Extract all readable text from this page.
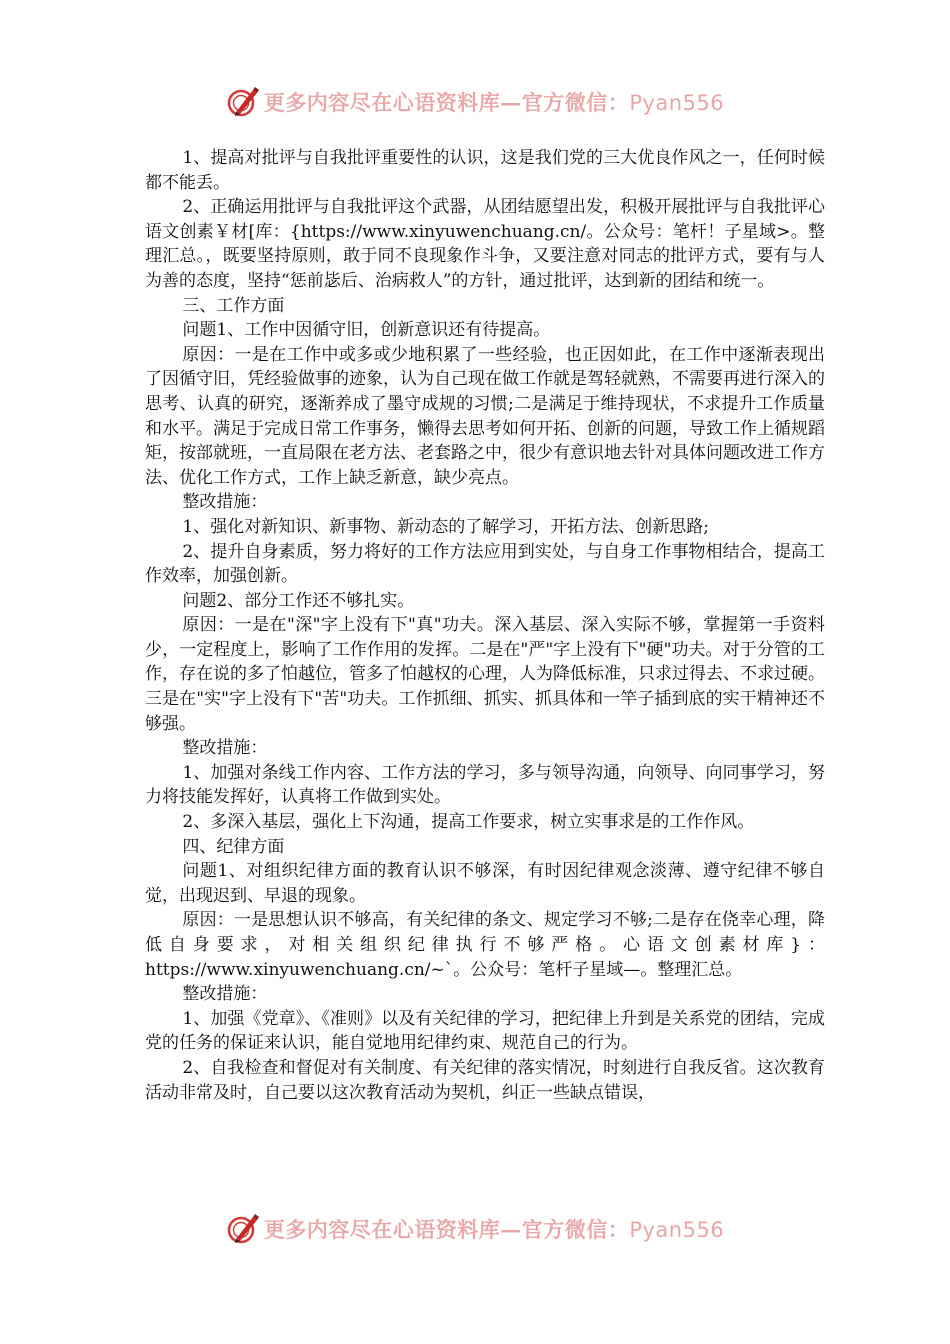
更多内容尽在心语资料库—官方微信：Pyan556

1、提高对批评与自我批评重要性的认识，这是我们党的三大优良作风之一，任何时候都不能丢。

2、正确运用批评与自我批评这个武器，从团结愿望出发，积极开展批评与自我批评心语文创素￥材[库：{https://www.xinyuwenchuang.cn/。公众号：笔杆！子星域>。整理汇总。，既要坚持原则，敢于同不良现象作斗争，又要注意对同志的批评方式，要有与人为善的态度，坚持“惩前毖后、治病救人”的方针，通过批评，达到新的团结和统一。

三、工作方面

问题1、工作中因循守旧，创新意识还有待提高。

原因：一是在工作中或多或少地积累了一些经验，也正因如此，在工作中逐渐表现出了因循守旧，凭经验做事的迹象，认为自己现在做工作就是驾轻就熟，不需要再进行深入的思考、认真的研究，逐渐养成了墨守成规的习惯;二是满足于维持现状，不求提升工作质量和水平。满足于完成日常工作事务，懒得去思考如何开拓、创新的问题，导致工作上循规蹈矩，按部就班，一直局限在老方法、老套路之中，很少有意识地去针对具体问题改进工作方法、优化工作方式，工作上缺乏新意，缺少亮点。

整改措施：

1、强化对新知识、新事物、新动态的了解学习，开拓方法、创新思路;

2、提升自身素质，努力将好的工作方法应用到实处，与自身工作事物相结合，提高工作效率，加强创新。

问题2、部分工作还不够扎实。

原因：一是在"深"字上没有下"真"功夫。深入基层、深入实际不够，掌握第一手资料少，一定程度上，影响了工作作用的发挥。二是在"严"字上没有下"硬"功夫。对于分管的工作，存在说的多了怕越位，管多了怕越权的心理，人为降低标准，只求过得去、不求过硬。三是在"实"字上没有下"苦"功夫。工作抓细、抓实、抓具体和一竿子插到底的实干精神还不够强。

整改措施：

1、加强对条线工作内容、工作方法的学习，多与领导沟通，向领导、向同事学习，努力将技能发挥好，认真将工作做到实处。

2、多深入基层，强化上下沟通，提高工作要求，树立实事求是的工作作风。

四、纪律方面

问题1、对组织纪律方面的教育认识不够深，有时因纪律观念淡薄、遵守纪律不够自觉，出现迟到、早退的现象。

原因：一是思想认识不够高，有关纪律的条文、规定学习不够;二是存在侥幸心理，降低自身要求，对相关组织纪律执行不够严格。心语文创素材库}：https://www.xinyuwenchuang.cn/~`。公众号：笔杆子星域—。整理汇总。

整改措施：

1、加强《党章》、《准则》以及有关纪律的学习，把纪律上升到是关系党的团结，完成党的任务的保证来认识，能自觉地用纪律约束、规范自己的行为。

2、自我检查和督促对有关制度、有关纪律的落实情况，时刻进行自我反省。这次教育活动非常及时，自己要以这次教育活动为契机，纠正一些缺点错误，

更多内容尽在心语资料库—官方微信：Pyan556
